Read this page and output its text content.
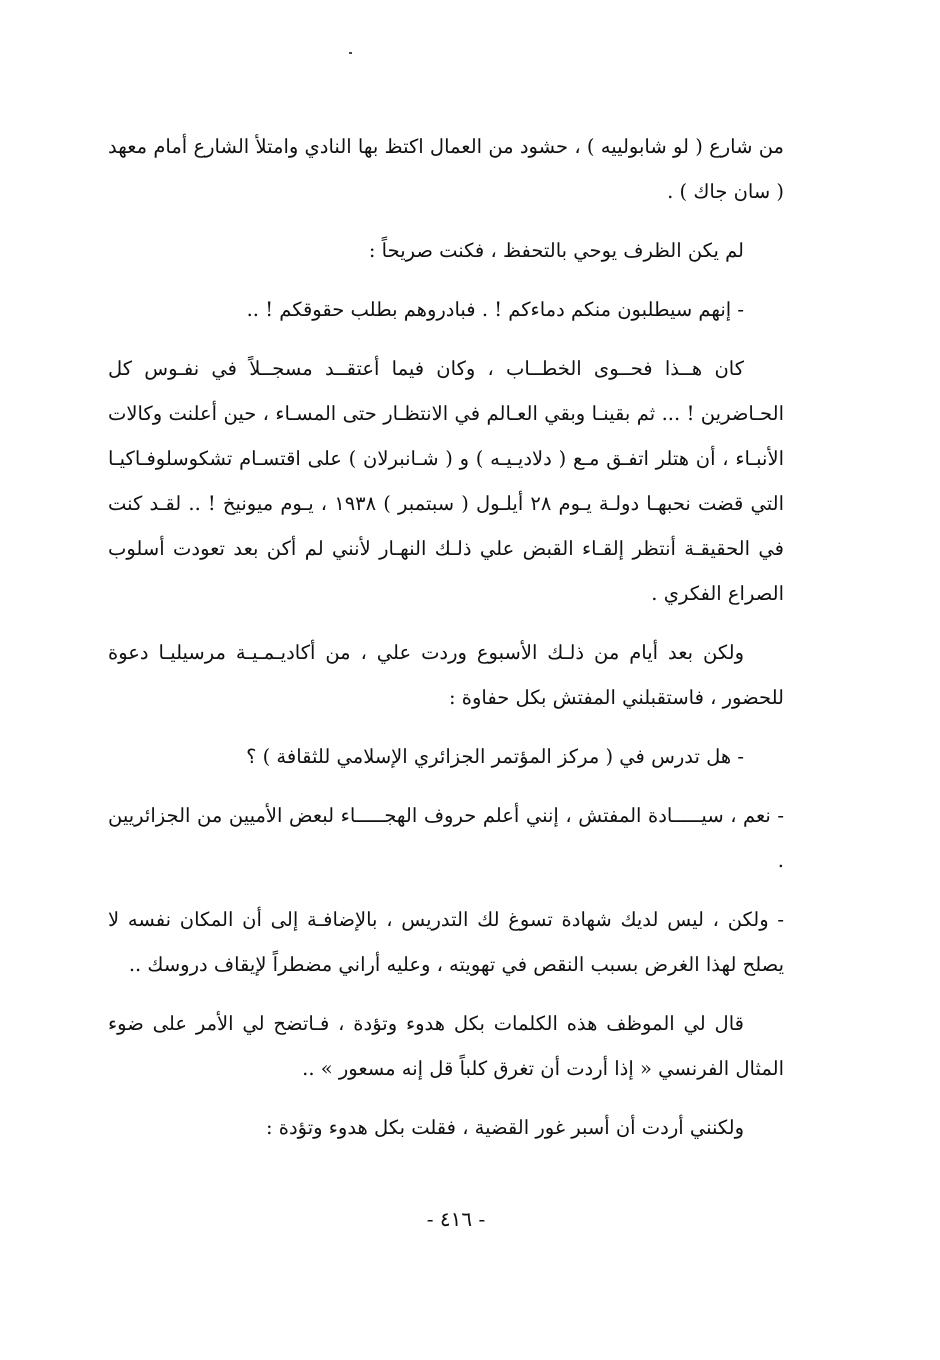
من شارع ( لو شابولييه ) ، حشود من العمال اكتظ بها النادي وامتلأ الشارع أمام معهد ( سان جاك ) .

لم يكن الظرف يوحي بالتحفظ ، فكنت صريحاً :

- إنهم سيطلبون منكم دماءكم ! . فبادروهم بطلب حقوقكم ! ..

كان هــذا فحــوى الخطــاب ، وكان فيما أعتقــد مسجــلاً في نفـوس كل الحـاضرين ! ... ثم بقينـا وبقي العـالم في الانتظـار حتى المسـاء ، حين أعلنت وكالات الأنبـاء ، أن هتلر اتفـق مـع ( دلاديـيـه ) و ( شـانبرلان ) على اقتسـام تشكوسلوفـاكيـا التي قضت نحبهـا دولـة يـوم ٢٨ أيلـول ( سبتمبر ) ١٩٣٨ ، يـوم ميونيخ ! .. لقـد كنت في الحقيقـة أنتظر إلقـاء القبض علي ذلـك النهـار لأنني لم أكن بعد تعودت أسلوب الصراع الفكري .

ولكن بعد أيام من ذلـك الأسبوع وردت علي ، من أكاديـمـيـة مرسيليـا دعوة للحضور ، فاستقبلني المفتش بكل حفاوة :

- هل تدرس في ( مركز المؤتمر الجزائري الإسلامي للثقافة ) ؟

- نعم ، سيـــــادة المفتش ، إنني أعلم حروف الهجـــــاء لبعض الأميين من الجزائريين .

- ولكن ، ليس لديك شهادة تسوغ لك التدريس ، بالإضافـة إلى أن المكان نفسه لا يصلح لهذا الغرض بسبب النقص في تهويته ، وعليه أراني مضطراً لإيقاف دروسك ..

قال لي الموظف هذه الكلمات بكل هدوء وتؤدة ، فـاتضح لي الأمر على ضوء المثال الفرنسي « إذا أردت أن تغرق كلباً قل إنه مسعور » ..

ولكنني أردت أن أسبر غور القضية ، فقلت بكل هدوء وتؤدة :

- ٤١٦ -
